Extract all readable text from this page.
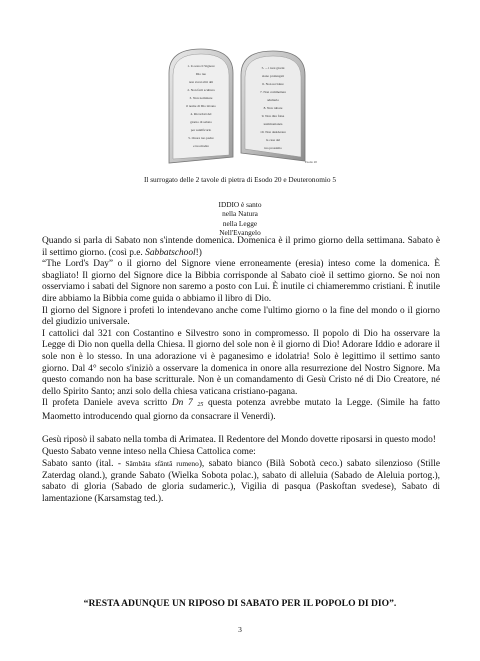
1. Io sono il Signore
Dio tuo
non avrai altri dèi
2. Non farti scultura
3. Non nominare
il nome di Dio invano
4. Ricordati del
giorno di sabato
per santificarlo
5. Onora tuo padre
e tua madre
5. ... i tuoi giorni
siano prolungati
6. Non uccidere
7. Non commettere
adulterio
8. Non rubare
9. Non dire falsa
testimonianza
10. Non desiderare
la casa del
tuo prossimo
Esodo 20
Il surrogato delle 2 tavole di pietra di Esodo 20 e Deuteronomio 5
IDDIO è santo
nella Natura
nella Legge
Nell'Evangelo

Quando si parla di Sabato non s'intende domenica. Domenica è il primo giorno della settimana. Sabato è il settimo giorno. (così p.e. Sabbatschool!)

“The Lord's Day” o il giorno del Signore viene erroneamente (eresia) inteso come la domenica. È sbagliato! Il giorno del Signore dice la Bibbia corrisponde al Sabato cioè il settimo giorno. Se noi non osserviamo i sabati del Signore non saremo a posto con Lui. È inutile ci chiameremmo cristiani. È inutile dire abbiamo la Bibbia come guida o abbiamo il libro di Dio.

Il giorno del Signore i profeti lo intendevano anche come l'ultimo giorno o la fine del mondo o il giorno del giudizio universale.

I cattolici dal 321 con Costantino e Silvestro sono in compromesso. Il popolo di Dio ha osservare la Legge di Dio non quella della Chiesa. Il giorno del sole non è il giorno di Dio! Adorare Iddio e adorare il sole non è lo stesso. In una adorazione vi è paganesimo e idolatria! Solo è legittimo il settimo santo giorno. Dal 4° secolo s'iniziò a osservare la domenica in onore alla resurrezione del Nostro Signore. Ma questo comando non ha base scritturale. Non è un comandamento di Gesù Cristo né di Dio Creatore, né dello Spirito Santo; anzi solo della chiesa vaticana cristiano-pagana.

Il profeta Daniele aveva scritto Dn 7 25 questa potenza avrebbe mutato la Legge. (Simile ha fatto Maometto introducendo qual giorno da consacrare il Venerdì).

Gesù riposò il sabato nella tomba di Arimatea. Il Redentore del Mondo dovette riposarsi in questo modo!

Questo Sabato venne inteso nella Chiesa Cattolica come:

Sabato santo (ital. - Sâmbăta sfântă rumeno), sabato bianco (Bilà Sobotà ceco.) sabato silenzioso (Stille Zaterdag oland.), grande Sabato (Wielka Sobota polac.), sabato di alleluia (Sabado de Aleluia portog.), sabato di gloria (Sabado de gloria sudameric.), Vigilia di pasqua (Paskoftan svedese), Sabato di lamentazione (Karsamstag ted.).

“RESTA ADUNQUE UN RIPOSO DI SABATO PER IL POPOLO DI DIO”.
3
